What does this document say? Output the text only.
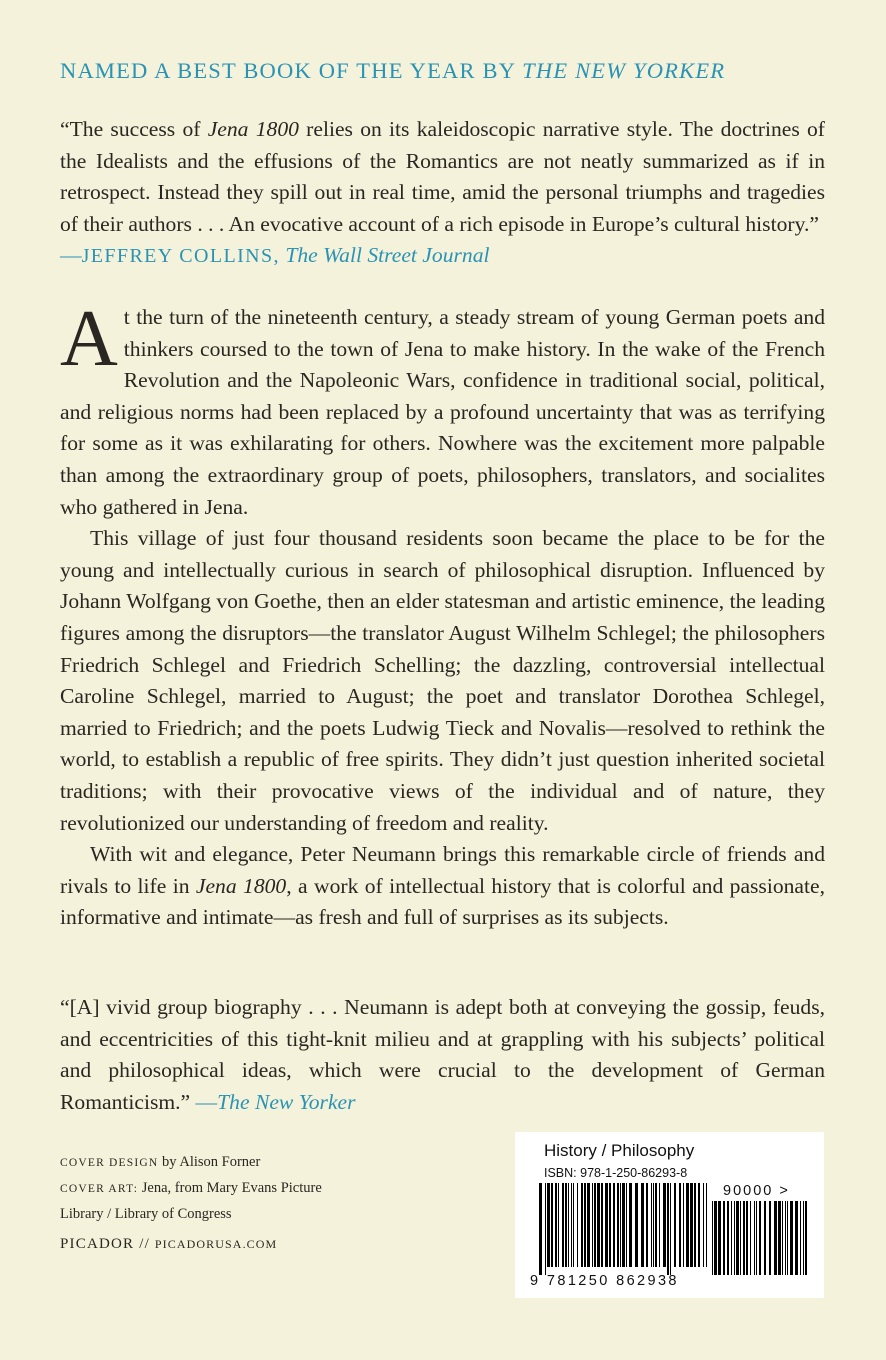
NAMED A BEST BOOK OF THE YEAR BY THE NEW YORKER
“The success of Jena 1800 relies on its kaleidoscopic narrative style. The doctrines of the Idealists and the effusions of the Romantics are not neatly summarized as if in retrospect. Instead they spill out in real time, amid the personal triumphs and tragedies of their authors . . . An evocative account of a rich episode in Europe’s cultural history.”
—JEFFREY COLLINS, The Wall Street Journal

At the turn of the nineteenth century, a steady stream of young German poets and thinkers coursed to the town of Jena to make history. In the wake of the French Revolution and the Napoleonic Wars, confidence in traditional social, political, and religious norms had been replaced by a profound uncertainty that was as terrifying for some as it was exhilarating for others. Nowhere was the excitement more palpable than among the extraordinary group of poets, philosophers, translators, and socialites who gathered in Jena.

This village of just four thousand residents soon became the place to be for the young and intellectually curious in search of philosophical disruption. Influenced by Johann Wolfgang von Goethe, then an elder statesman and artistic eminence, the leading figures among the disruptors—the translator August Wilhelm Schlegel; the philosophers Friedrich Schlegel and Friedrich Schelling; the dazzling, controversial intellectual Caroline Schlegel, married to August; the poet and translator Dorothea Schlegel, married to Friedrich; and the poets Ludwig Tieck and Novalis—resolved to rethink the world, to establish a republic of free spirits. They didn’t just question inherited societal traditions; with their provocative views of the individual and of nature, they revolutionized our understanding of freedom and reality.

With wit and elegance, Peter Neumann brings this remarkable circle of friends and rivals to life in Jena 1800, a work of intellectual history that is colorful and passionate, informative and intimate—as fresh and full of surprises as its subjects.

“[A] vivid group biography . . . Neumann is adept both at conveying the gossip, feuds, and eccentricities of this tight-knit milieu and at grappling with his subjects’ political and philosophical ideas, which were crucial to the development of German Romanticism.” —The New Yorker
COVER DESIGN by Alison Forner
COVER ART: Jena, from Mary Evans Picture Library / Library of Congress
PICADOR // PICADORUSA.COM
History / Philosophy
ISBN: 978-1-250-86293-8
90000 >
9 781250 862938
